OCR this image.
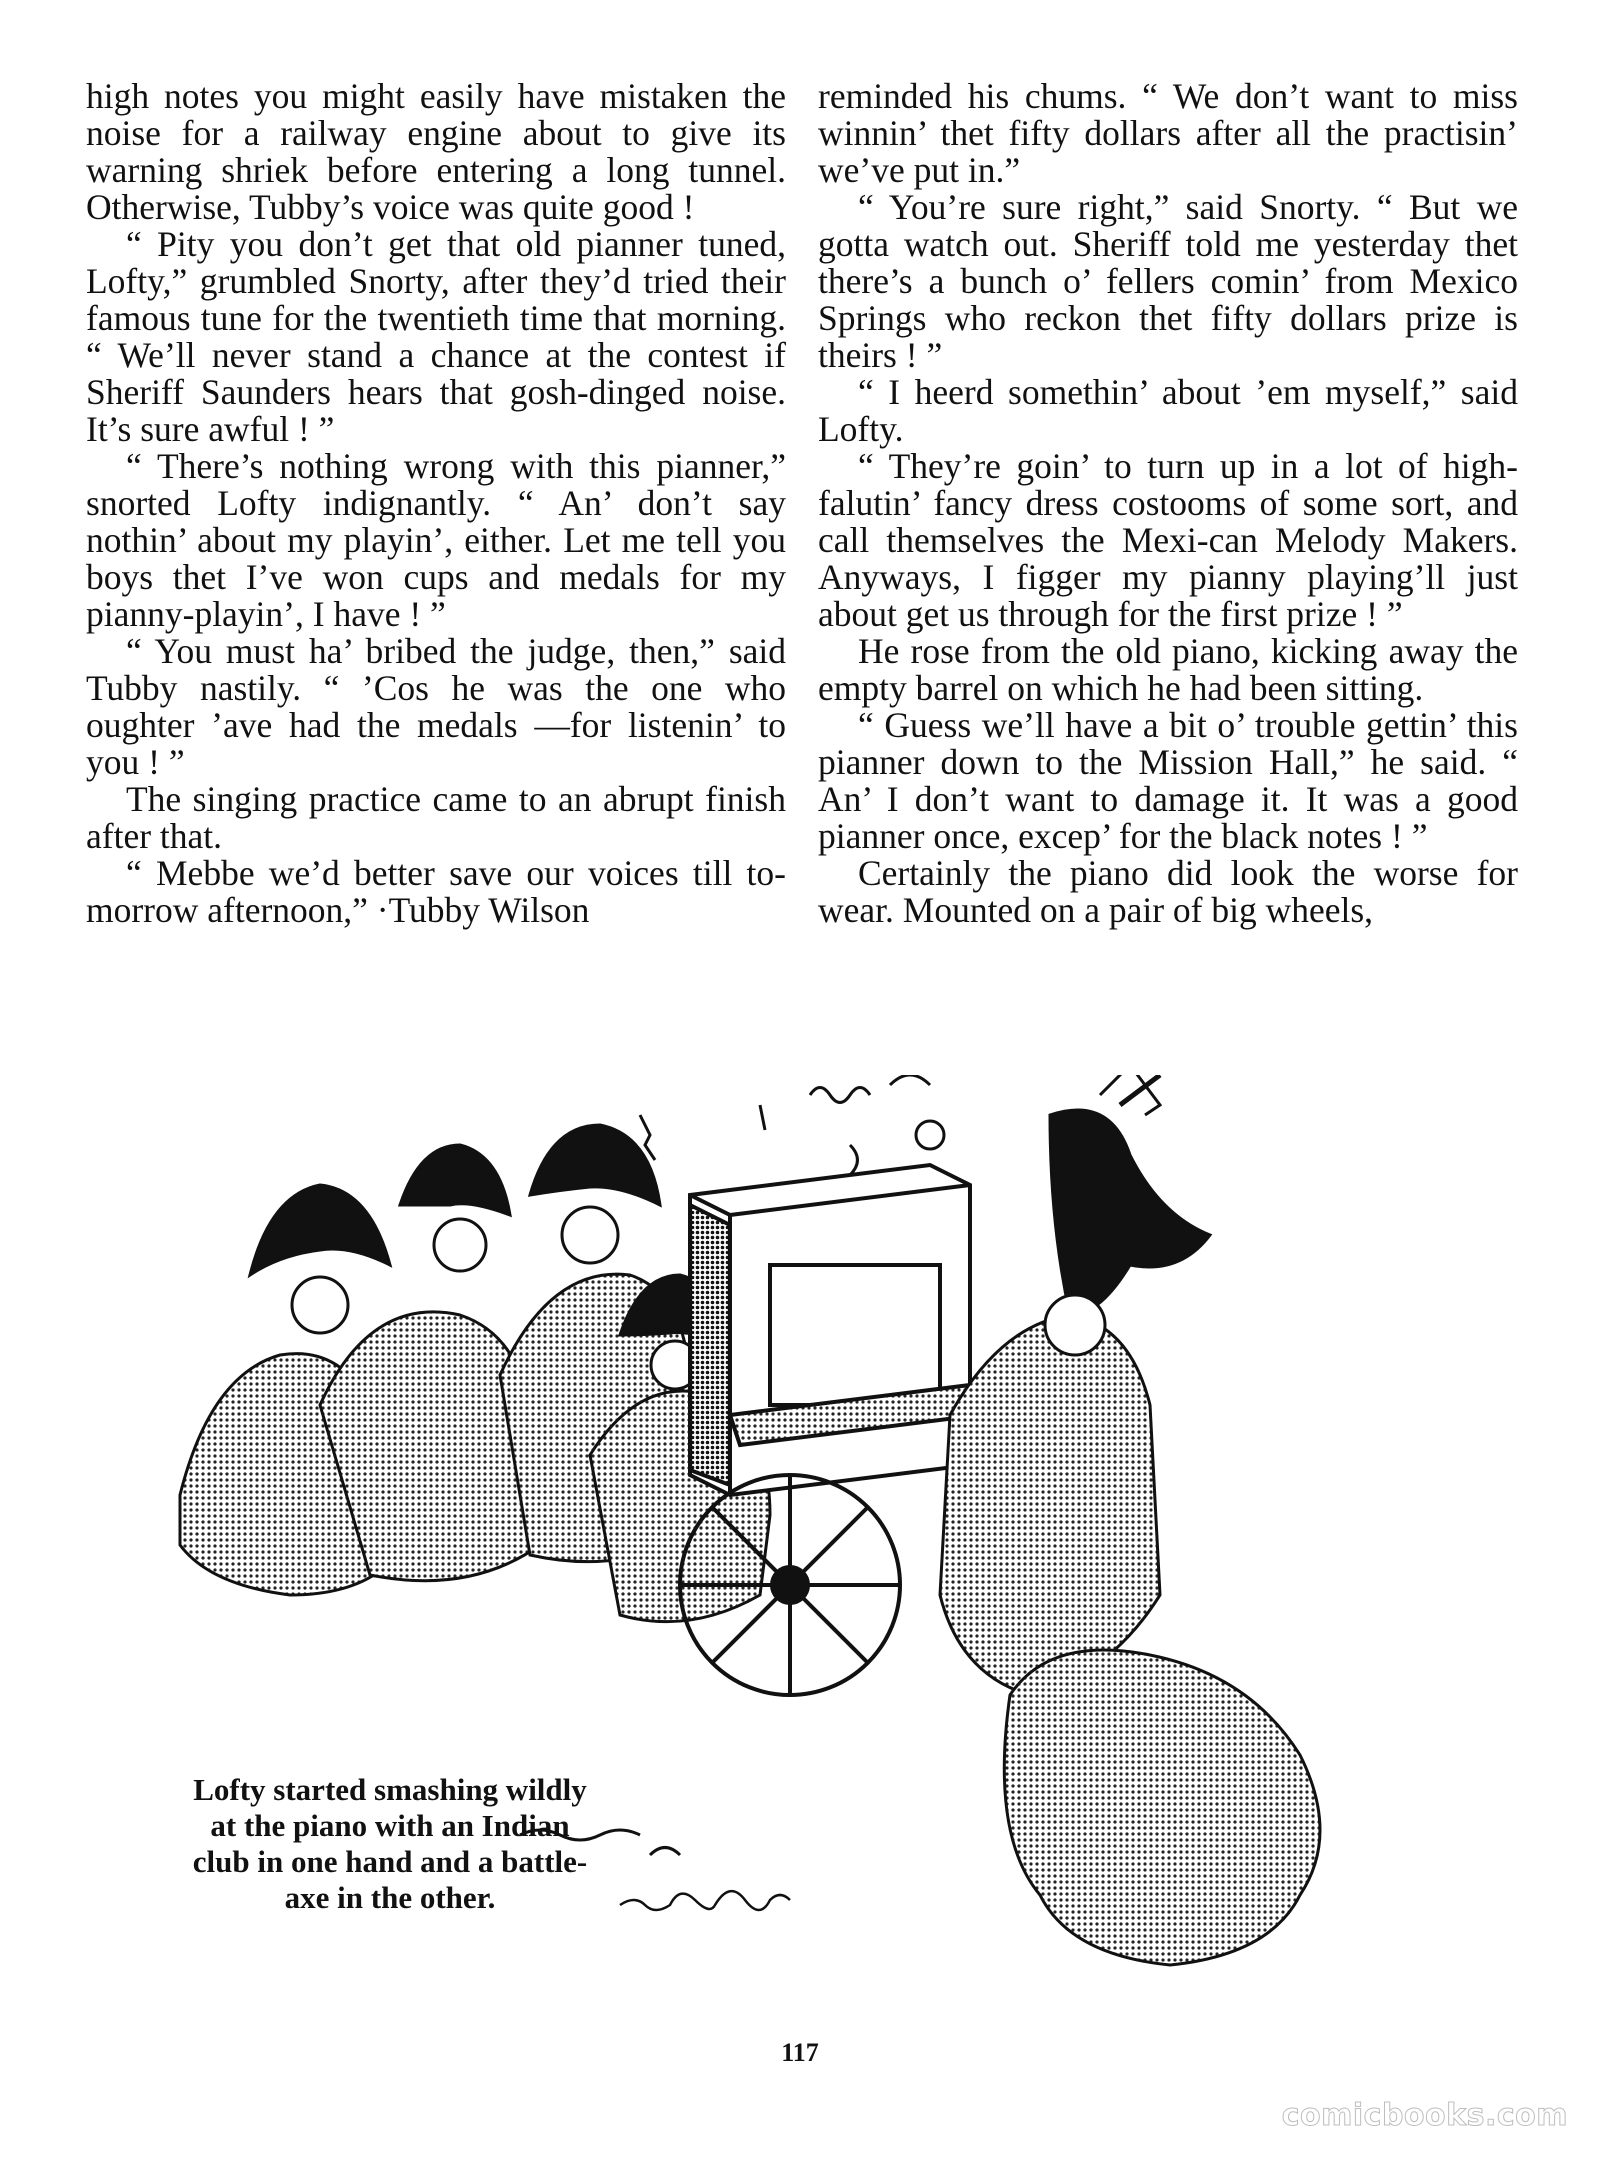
high notes you might easily have mistaken the noise for a railway engine about to give its warning shriek before entering a long tunnel. Otherwise, Tubby’s voice was quite good !

“ Pity you don’t get that old pianner tuned, Lofty,” grumbled Snorty, after they’d tried their famous tune for the twentieth time that morning. “ We’ll never stand a chance at the contest if Sheriff Saunders hears that gosh-dinged noise. It’s sure awful ! ”

“ There’s nothing wrong with this pianner,” snorted Lofty indignantly. “ An’ don’t say nothin’ about my playin’, either. Let me tell you boys thet I’ve won cups and medals for my pianny-playin’, I have ! ”

“ You must ha’ bribed the judge, then,” said Tubby nastily. “ ’Cos he was the one who oughter ’ave had the medals —for listenin’ to you ! ”

The singing practice came to an abrupt finish after that.

“ Mebbe we’d better save our voices till to-morrow afternoon,” ·Tubby Wilson

reminded his chums. “ We don’t want to miss winnin’ thet fifty dollars after all the practisin’ we’ve put in.”

“ You’re sure right,” said Snorty. “ But we gotta watch out. Sheriff told me yesterday thet there’s a bunch o’ fellers comin’ from Mexico Springs who reckon thet fifty dollars prize is theirs ! ”

“ I heerd somethin’ about ’em myself,” said Lofty.

“ They’re goin’ to turn up in a lot of high-falutin’ fancy dress costooms of some sort, and call themselves the Mexi-can Melody Makers. Anyways, I figger my pianny playing’ll just about get us through for the first prize ! ”

He rose from the old piano, kicking away the empty barrel on which he had been sitting.

“ Guess we’ll have a bit o’ trouble gettin’ this pianner down to the Mission Hall,” he said. “ An’ I don’t want to damage it. It was a good pianner once, excep’ for the black notes ! ”

Certainly the piano did look the worse for wear. Mounted on a pair of big wheels,

Lofty started smashing wildly at the piano with an Indian club in one hand and a battle-axe in the other.
117
comicbooks.com
